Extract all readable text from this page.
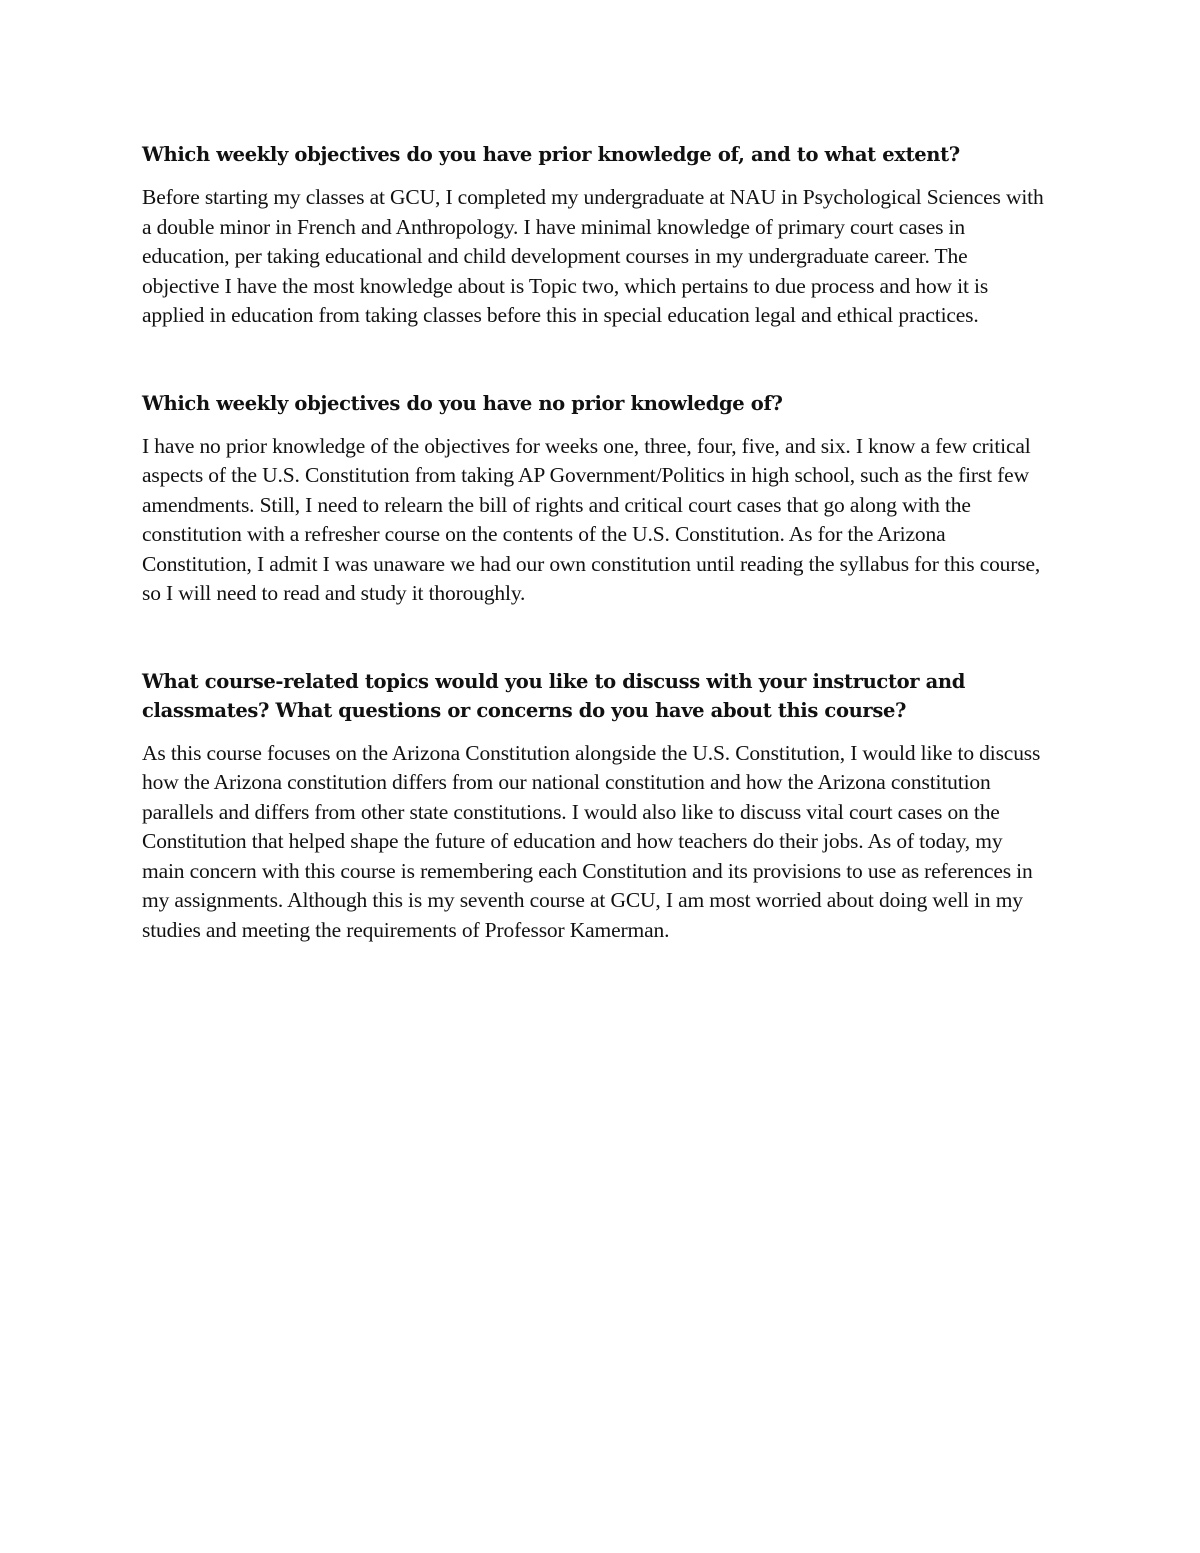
Which weekly objectives do you have prior knowledge of, and to what extent?

Before starting my classes at GCU, I completed my undergraduate at NAU in Psychological Sciences with a double minor in French and Anthropology. I have minimal knowledge of primary court cases in education, per taking educational and child development courses in my undergraduate career. The objective I have the most knowledge about is Topic two, which pertains to due process and how it is applied in education from taking classes before this in special education legal and ethical practices.

Which weekly objectives do you have no prior knowledge of?

I have no prior knowledge of the objectives for weeks one, three, four, five, and six. I know a few critical aspects of the U.S. Constitution from taking AP Government/Politics in high school, such as the first few amendments. Still, I need to relearn the bill of rights and critical court cases that go along with the constitution with a refresher course on the contents of the U.S. Constitution. As for the Arizona Constitution, I admit I was unaware we had our own constitution until reading the syllabus for this course, so I will need to read and study it thoroughly.

What course-related topics would you like to discuss with your instructor and classmates? What questions or concerns do you have about this course?

As this course focuses on the Arizona Constitution alongside the U.S. Constitution, I would like to discuss how the Arizona constitution differs from our national constitution and how the Arizona constitution parallels and differs from other state constitutions. I would also like to discuss vital court cases on the Constitution that helped shape the future of education and how teachers do their jobs. As of today, my main concern with this course is remembering each Constitution and its provisions to use as references in my assignments. Although this is my seventh course at GCU, I am most worried about doing well in my studies and meeting the requirements of Professor Kamerman.
